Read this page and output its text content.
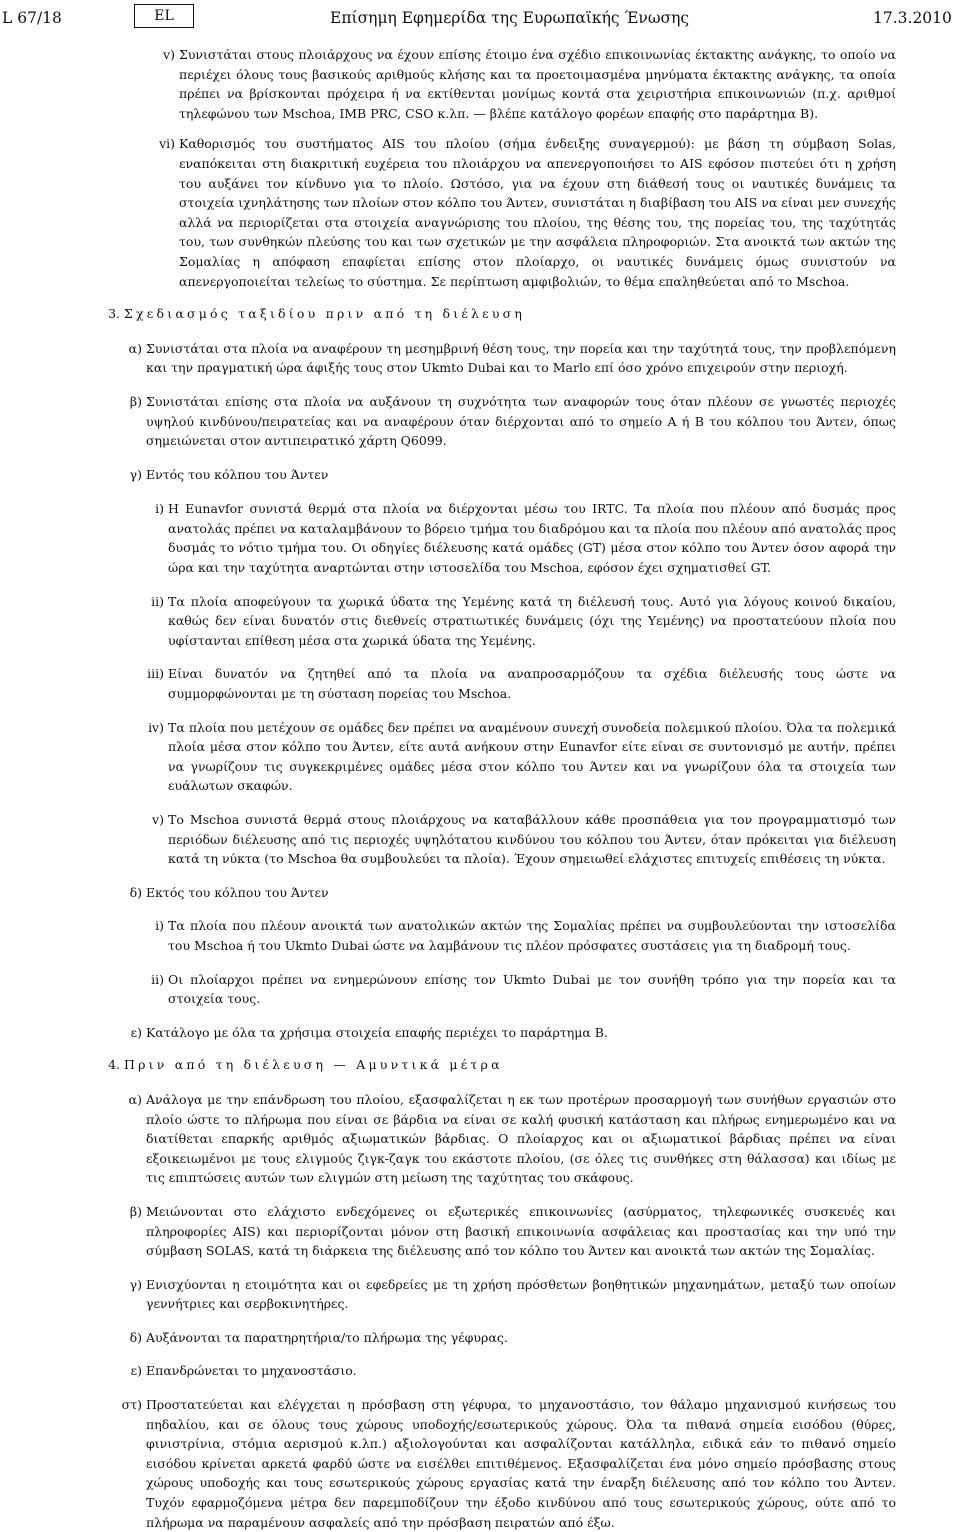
L 67/18	EL	Επίσημη Εφημερίδα της Ευρωπαϊκής Ένωσης	17.3.2010
v) Συνιστάται στους πλοιάρχους να έχουν επίσης έτοιμο ένα σχέδιο επικοινωνίας έκτακτης ανάγκης, το οποίο να περιέχει όλους τους βασικούς αριθμούς κλήσης και τα προετοιμασμένα μηνύματα έκτακτης ανάγκης, τα οποία πρέπει να βρίσκονται πρόχειρα ή να εκτίθενται μονίμως κοντά στα χειριστήρια επικοινωνιών (π.χ. αριθμοί τηλεφώνου των Mschoa, IMB PRC, CSO κ.λπ. — βλέπε κατάλογο φορέων επαφής στο παράρτημα Β).
vi) Καθορισμός του συστήματος AIS του πλοίου (σήμα ένδειξης συναγερμού): με βάση τη σύμβαση Solas, εναπόκειται στη διακριτική ευχέρεια του πλοιάρχου να απενεργοποιήσει το AIS εφόσον πιστεύει ότι η χρήση του αυξάνει τον κίνδυνο για το πλοίο. Ωστόσο, για να έχουν στη διάθεσή τους οι ναυτικές δυνάμεις τα στοιχεία ιχνηλάτησης των πλοίων στον κόλπο του Άντεν, συνιστάται η διαβίβαση του AIS να είναι μεν συνεχής αλλά να περιορίζεται στα στοιχεία αναγνώρισης του πλοίου, της θέσης του, της πορείας του, της ταχύτητάς του, των συνθηκών πλεύσης του και των σχετικών με την ασφάλεια πληροφοριών. Στα ανοικτά των ακτών της Σομαλίας η απόφαση επαφίεται επίσης στον πλοίαρχο, οι ναυτικές δυνάμεις όμως συνιστούν να απενεργοποιείται τελείως το σύστημα. Σε περίπτωση αμφιβολιών, το θέμα επαληθεύεται από το Mschoa.
3. Σχεδιασμός ταξιδίου πριν από τη διέλευση
α) Συνιστάται στα πλοία να αναφέρουν τη μεσημβρινή θέση τους, την πορεία και την ταχύτητά τους, την προβλεπόμενη και την πραγματική ώρα άφιξής τους στον Ukmto Dubai και το Marlo επί όσο χρόνο επιχειρούν στην περιοχή.
β) Συνιστάται επίσης στα πλοία να αυξάνουν τη συχνότητα των αναφορών τους όταν πλέουν σε γνωστές περιοχές υψηλού κινδύνου/πειρατείας και να αναφέρουν όταν διέρχονται από το σημείο Α ή Β του κόλπου του Άντεν, όπως σημειώνεται στον αντιπειρατικό χάρτη Q6099.
γ) Εντός του κόλπου του Άντεν
i) Η Eunavfor συνιστά θερμά στα πλοία να διέρχονται μέσω του IRTC. Τα πλοία που πλέουν από δυσμάς προς ανατολάς πρέπει να καταλαμβάνουν το βόρειο τμήμα του διαδρόμου και τα πλοία που πλέουν από ανατολάς προς δυσμάς το νότιο τμήμα του. Οι οδηγίες διέλευσης κατά ομάδες (GT) μέσα στον κόλπο του Άντεν όσον αφορά την ώρα και την ταχύτητα αναρτώνται στην ιστοσελίδα του Mschoa, εφόσον έχει σχηματισθεί GT.
ii) Τα πλοία αποφεύγουν τα χωρικά ύδατα της Υεμένης κατά τη διέλευσή τους. Αυτό για λόγους κοινού δικαίου, καθώς δεν είναι δυνατόν στις διεθνείς στρατιωτικές δυνάμεις (όχι της Υεμένης) να προστατεύουν πλοία που υφίστανται επίθεση μέσα στα χωρικά ύδατα της Υεμένης.
iii) Είναι δυνατόν να ζητηθεί από τα πλοία να αναπροσαρμόζουν τα σχέδια διέλευσής τους ώστε να συμμορφώνονται με τη σύσταση πορείας του Mschoa.
iv) Τα πλοία που μετέχουν σε ομάδες δεν πρέπει να αναμένουν συνεχή συνοδεία πολεμικού πλοίου. Όλα τα πολεμικά πλοία μέσα στον κόλπο του Άντεν, είτε αυτά ανήκουν στην Eunavfor είτε είναι σε συντονισμό με αυτήν, πρέπει να γνωρίζουν τις συγκεκριμένες ομάδες μέσα στον κόλπο του Άντεν και να γνωρίζουν όλα τα στοιχεία των ευάλωτων σκαφών.
v) Το Mschoa συνιστά θερμά στους πλοιάρχους να καταβάλλουν κάθε προσπάθεια για τον προγραμματισμό των περιόδων διέλευσης από τις περιοχές υψηλότατου κινδύνου του κόλπου του Άντεν, όταν πρόκειται για διέλευση κατά τη νύκτα (το Mschoa θα συμβουλεύει τα πλοία). Έχουν σημειωθεί ελάχιστες επιτυχείς επιθέσεις τη νύκτα.
δ) Εκτός του κόλπου του Άντεν
i) Τα πλοία που πλέουν ανοικτά των ανατολικών ακτών της Σομαλίας πρέπει να συμβουλεύονται την ιστοσελίδα του Mschoa ή του Ukmto Dubai ώστε να λαμβάνουν τις πλέον πρόσφατες συστάσεις για τη διαδρομή τους.
ii) Οι πλοίαρχοι πρέπει να ενημερώνουν επίσης τον Ukmto Dubai με τον συνήθη τρόπο για την πορεία και τα στοιχεία τους.
ε) Κατάλογο με όλα τα χρήσιμα στοιχεία επαφής περιέχει το παράρτημα Β.
4. Πριν από τη διέλευση — Αμυντικά μέτρα
α) Ανάλογα με την επάνδρωση του πλοίου, εξασφαλίζεται η εκ των προτέρων προσαρμογή των συνήθων εργασιών στο πλοίο ώστε το πλήρωμα που είναι σε βάρδια να είναι σε καλή φυσική κατάσταση και πλήρως ενημερωμένο και να διατίθεται επαρκής αριθμός αξιωματικών βάρδιας. Ο πλοίαρχος και οι αξιωματικοί βάρδιας πρέπει να είναι εξοικειωμένοι με τους ελιγμούς ζιγκ-ζαγκ του εκάστοτε πλοίου, (σε όλες τις συνθήκες στη θάλασσα) και ιδίως με τις επιπτώσεις αυτών των ελιγμών στη μείωση της ταχύτητας του σκάφους.
β) Μειώνονται στο ελάχιστο ενδεχόμενες οι εξωτερικές επικοινωνίες (ασύρματος, τηλεφωνικές συσκευές και πληροφορίες AIS) και περιορίζονται μόνον στη βασική επικοινωνία ασφάλειας και προστασίας και την υπό την σύμβαση SOLAS, κατά τη διάρκεια της διέλευσης από τον κόλπο του Άντεν και ανοικτά των ακτών της Σομαλίας.
γ) Ενισχύονται η ετοιμότητα και οι εφεδρείες με τη χρήση πρόσθετων βοηθητικών μηχανημάτων, μεταξύ των οποίων γεννήτριες και σερβοκινητήρες.
δ) Αυξάνονται τα παρατηρητήρια/το πλήρωμα της γέφυρας.
ε) Επανδρώνεται το μηχανοστάσιο.
στ) Προστατεύεται και ελέγχεται η πρόσβαση στη γέφυρα, το μηχανοστάσιο, τον θάλαμο μηχανισμού κινήσεως του πηδαλίου, και σε όλους τους χώρους υποδοχής/εσωτερικούς χώρους. Όλα τα πιθανά σημεία εισόδου (θύρες, φινιστρίνια, στόμια αερισμού κ.λπ.) αξιολογούνται και ασφαλίζονται κατάλληλα, ειδικά εάν το πιθανό σημείο εισόδου κρίνεται αρκετά φαρδύ ώστε να εισέλθει επιτιθέμενος. Εξασφαλίζεται ένα μόνο σημείο πρόσβασης στους χώρους υποδοχής και τους εσωτερικούς χώρους εργασίας κατά την έναρξη διέλευσης από τον κόλπο του Άντεν. Τυχόν εφαρμοζόμενα μέτρα δεν παρεμποδίζουν την έξοδο κινδύνου από τους εσωτερικούς χώρους, ούτε από το πλήρωμα να παραμένουν ασφαλείς από την πρόσβαση πειρατών από έξω.
